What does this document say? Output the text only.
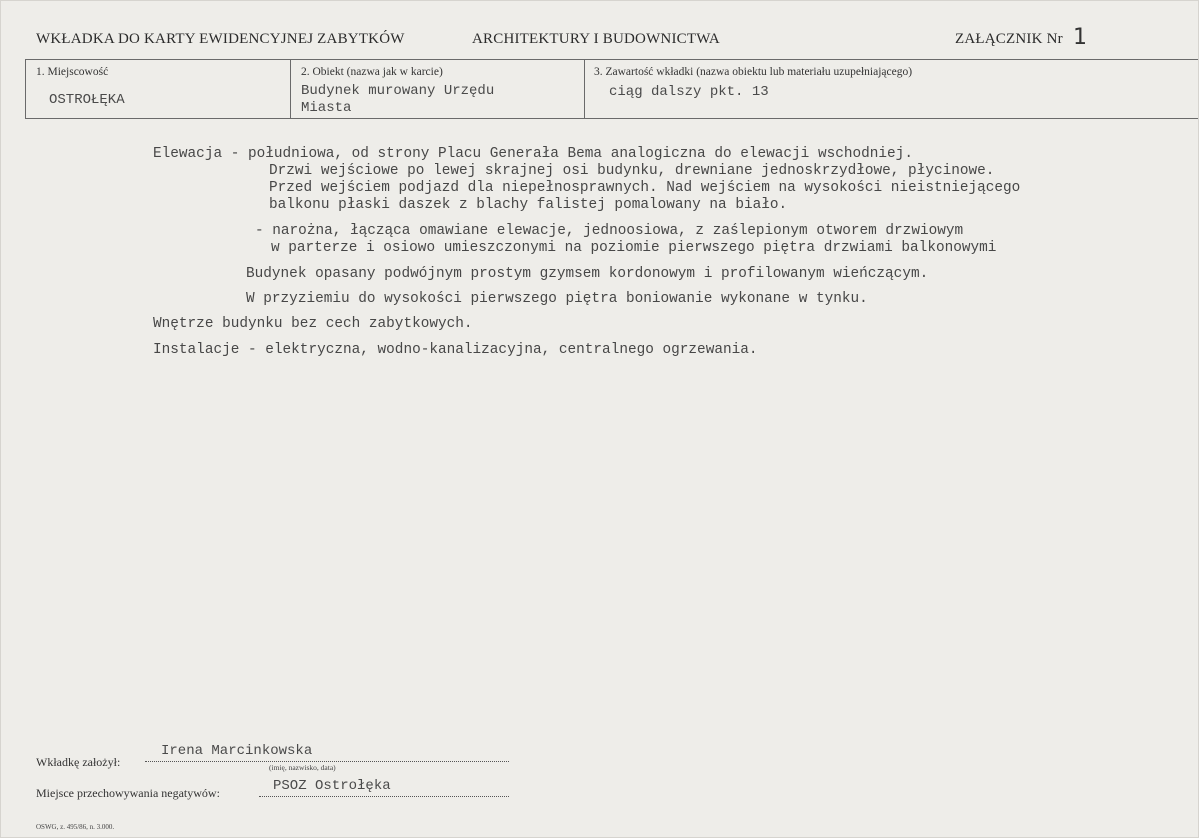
WKŁADKA DO KARTY EWIDENCYJNEJ ZABYTKÓW	ARCHITEKTURY I BUDOWNICTWA	ZAŁĄCZNIK Nr 1
1. Miejscowość
OSTROŁĘKA
2. Obiekt (nazwa jak w karcie)
Budynek murowany Urzędu
Miasta
3. Zawartość wkładki (nazwa obiektu lub materiału uzupełniającego)
ciąg dalszy pkt. 13
Elewacja - południowa, od strony Placu Generała Bema analogiczna do elewacji wschodniej.
Drzwi wejściowe po lewej skrajnej osi budynku, drewniane jednoskrzydłowe, płycinowe.
Przed wejściem podjazd dla niepełnosprawnych. Nad wejściem na wysokości nieistniejącego
balkonu płaski daszek z blachy falistej pomalowany na biało.
- narożna, łącząca omawiane elewacje, jednoosiowa, z zaślepionym otworem drzwiowym
w parterze i osiowo umieszczonymi na poziomie pierwszego piętra drzwiami balkonowymi
Budynek opasany podwójnym prostym gzymsem kordonowym i profilowanym wieńczącym.
W przyziemiu do wysokości pierwszego piętra boniowanie wykonane w tynku.
Wnętrze budynku bez cech zabytkowych.
Instalacje - elektryczna, wodno-kanalizacyjna, centralnego ogrzewania.
Wkładkę założył:
Irena Marcinkowska
(imię, nazwisko, data)
Miejsce przechowywania negatywów:	PSOZ Ostrołęka
OSWG, z. 495/86, n. 3.000.
